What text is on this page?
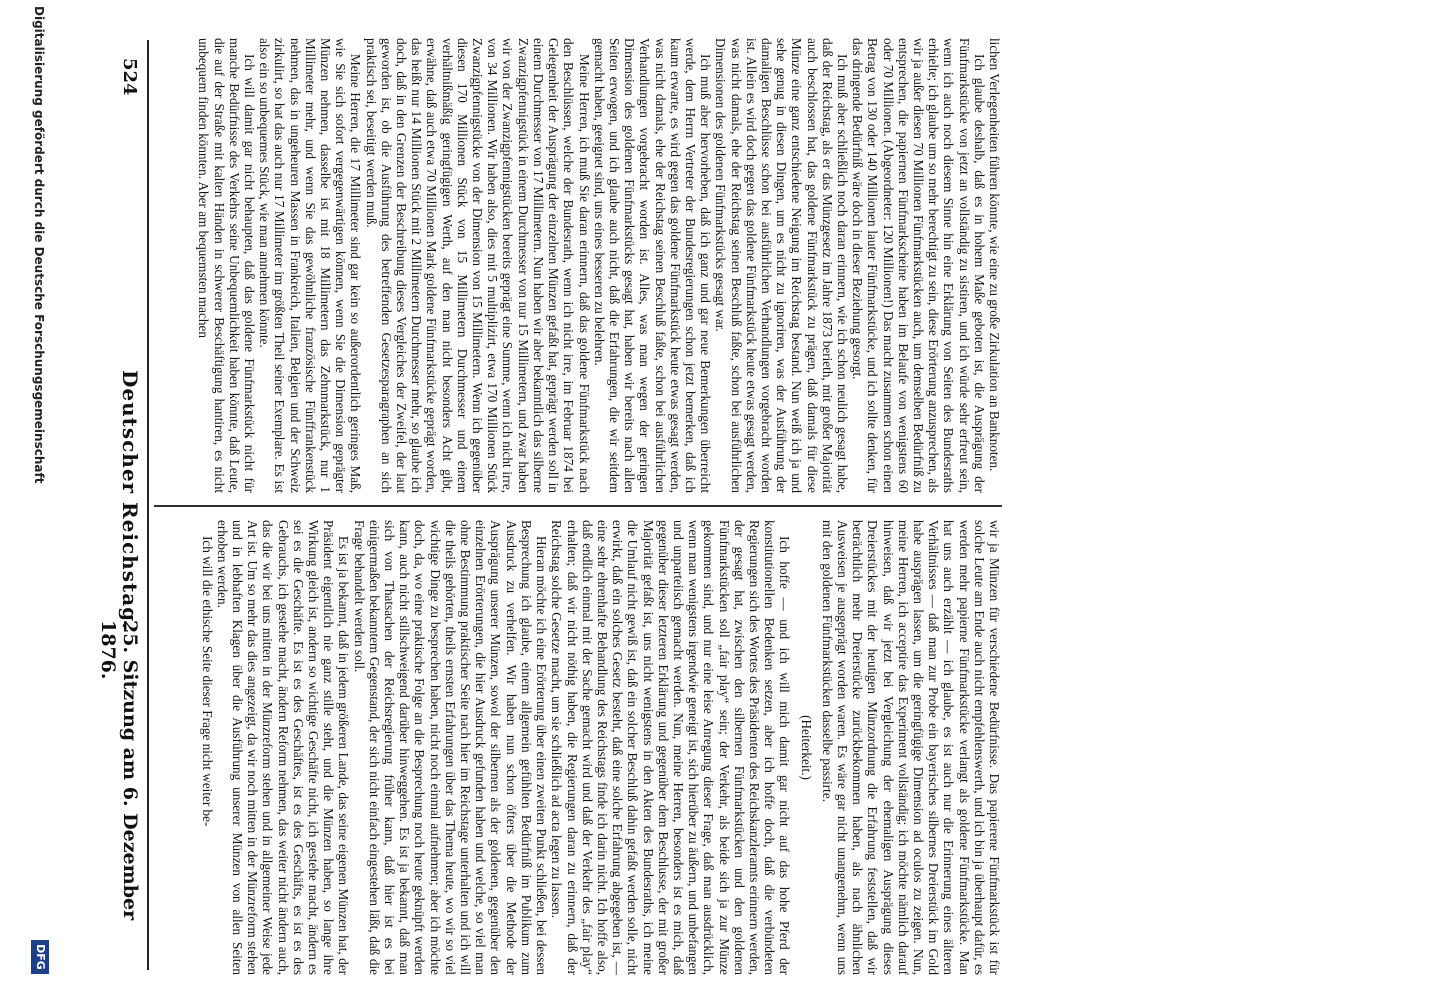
524
Deutscher Reichstag.
25. Sitzung am 6. Dezember 1876.

lichen Verlegenheiten führen könnte, wie eine zu große Zirkulation an Banknoten.

Ich glaube deshalb, daß es in hohem Maße geboten ist, die Ausprägung der Fünfmarkstücke von jetzt an vollständig zu sistiren, und ich würde sehr erfreut sein, wenn ich auch noch diesem Sinne hin eine Erklärung von Seiten des Bundesraths erhielte; ich glaube um so mehr berechtigt zu sein, diese Erörterung anzusprechen, als wir ja außer diesen 70 Millionen Fünfmarkstücken auch, um demselben Bedürfniß zu entsprechen, die papiernen Fünfmarkscheine haben im Belaufe von wenigstens 60 oder 70 Millionen. (Abgeordneter: 120 Millionen!) Das macht zusammen schon einen Betrag von 130 oder 140 Millionen lauter Fünfmarkstücke, und ich sollte denken, für das dringende Bedürfniß wäre doch in dieser Beziehung gesorgt.

Ich muß aber schließlich noch daran erinnern, wie ich schon neulich gesagt habe, daß der Reichstag, als er das Münzgesetz im Jahre 1873 berieth, mit großer Majorität auch beschlossen hat, das goldene Fünfmarkstück zu prägen, daß damals für diese Münze eine ganz entschiedene Neigung im Reichstag bestand. Nun weiß ich ja und sehe genug in diesen Dingen, um es nicht zu ignoriren, was der Ausführung der damaligen Beschlüsse schon bei ausführlichen Verhandlungen vorgebracht worden ist. Allein es wird doch gegen das goldene Fünfmarkstück heute etwas gesagt werden, was nicht damals, ehe der Reichstag seinen Beschluß faßte, schon bei ausführlichen Dimensionen des goldenen Fünfmarkstücks gesagt war.

Ich muß aber hervorheben, daß ich ganz und gar neue Bemerkungen überreicht werde, dem Herrn Vertreter der Bundesregierungen schon jetzt bemerken, daß ich kaum erwarte, es wird gegen das goldene Fünfmarkstück heute etwas gesagt werden, was nicht damals, ehe der Reichstag seinen Beschluß faßte, schon bei ausführlichen Verhandlungen vorgebracht worden ist. Alles, was man wegen der geringen Dimension des goldenen Fünfmarkstücks gesagt hat, haben wir bereits nach allen Seiten erwogen, und ich glaube auch nicht, daß die Erfahrungen, die wir seitdem gemacht haben, geeignet sind, uns eines besseren zu belehren.

Meine Herren, ich muß Sie daran erinnern, daß das goldene Fünfmarkstück nach den Beschlüssen, welche der Bundesrath, wenn ich nicht irre, im Februar 1874 bei Gelegenheit der Ausprägung der einzelnen Münzen gefaßt hat, geprägt werden soll in einem Durchmesser von 17 Millimetern. Nun haben wir aber bekanntlich das silberne Zwanzigpfennigstück in einem Durchmesser von nur 15 Millimetern, und zwar haben wir von der Zwanzigpfennigstücken bereits geprägt eine Summe, wenn ich nicht irre, von 34 Millionen. Wir haben also, dies mit 5 multiplizirt, etwa 170 Millionen Stück Zwanzigpfennigstücke von der Dimension von 15 Millimetern. Wenn ich gegenüber diesen 170 Millionen Stück von 15 Millimetern Durchmesser und einem verhältnißmäßig geringfügigen Werth, auf den man nicht besonders Acht gibt, erwähne, daß auch etwa 70 Millionen Mark goldene Fünfmarkstücke geprägt worden, das heißt nur 14 Millionen Stück mit 2 Millimetern Durchmesser mehr, so glaube ich doch, daß in den Grenzen der Beschreibung dieses Vergleiches der Zweifel, der laut geworden ist, ob die Ausführung des betreffenden Gesetzesparagraphen an sich praktisch sei, beseitigt werden muß.

Meine Herren, die 17 Millimeter sind gar kein so außerordentlich geringes Maß, wie Sie sich sofort vergegenwärtigen können, wenn Sie die Dimension geprägter Münzen nehmen, dasselbe ist mit 18 Millimetern das Zehnmarkstück, nur 1 Millimeter mehr, und wenn Sie das gewöhnliche französische Fünffrankenstück nehmen, das in ungeheuren Massen in Frankreich, Italien, Belgien und der Schweiz zirkulirt, so hat das auch nur 17 Millimeter im größten Theil seiner Exemplare. Es ist also ein so unbequemes Stück, wie man annehmen könnte.

Ich will damit gar nicht behaupten, daß das goldene Fünfmarkstück nicht für manche Bedürfnisse des Verkehrs seine Unbequemlichkeit haben könnte, daß Leute, die auf der Straße mit kalten Händen in schwerer Beschäftigung hantiren, es nicht unbequem finden könnten. Aber am bequemsten machen

wir ja Münzen für verschiedene Bedürfnisse. Das papierene Fünfmarkstück ist für solche Leute am Ende auch nicht empfehlenswerth, und ich bin ja überhaupt dafür, es werden mehr papierne Fünfmarkstücke verlangt als goldene Fünfmarkstücke. Man hat uns auch erzählt — ich glaube, es ist auch nur die Erinnerung eines älteren Verhältnisses — daß man zur Probe ein bayerisches silbernes Dreierstück im Gold habe ausprägen lassen, um die geringfügige Dimension ad oculos zu zeigen. Nun, meine Herren, ich acceptire das Experiment vollständig; ich möchte nämlich darauf hinweisen, daß wir jetzt bei Vergleichung der ehemaligen Ausprägung dieses Dreierstückes mit der heutigen Münzordnung die Erfahrung feststellen, daß wir beträchtlich mehr Dreierstücke zurückbekommen haben, als nach ähnlichen Ausweisen je ausgeprägt worden waren. Es wäre gar nicht unangenehm, wenn uns mit den goldenen Fünfmarkstücken dasselbe passirte.

(Heiterkeit.)

Ich hoffe — und ich will mich damit gar nicht auf das hohe Pferd der konstitutionellen Bedenken setzen, aber ich hoffe doch, daß die verbündeten Regierungen sich des Wortes des Präsidenten des Reichskanzleramts erinnern werden, der gesagt hat, zwischen den silbernen Fünfmarkstücken und den goldenen Fünfmarkstücken soll „fair play“ sein; der Verkehr, als beide sich ja zur Münze gekommen sind, und nur eine leise Anregung dieser Frage, daß man ausdrücklich, wenn man wenigstens irgendwie geneigt ist, sich hierüber zu äußern, und unbefangen und unparteiisch gemacht werden. Nun, meine Herren, besonders ist es mich, daß gegenüber dieser letzteren Erklärung und gegenüber dem Beschlusse, der mit großer Majorität gefaßt ist, uns nicht wenigstens in den Akten des Bundesraths, ich meine die Umlauf nicht gewiß ist, daß ein solcher Beschluß dahin gefaßt werden solle, nicht erwirkt, daß ein solches Gesetz besteht, daß eine solche Erfahrung abgegeben ist, — eine sehr ehrenhafte Behandlung des Reichstags finde ich darin nicht. Ich hoffe also, daß endlich einmal mit der Sache gemacht wird und daß der Verkehr des „fair play“ erhalten; daß wir nicht nöthig haben, die Regierungen daran zu erinnern, daß der Reichstag solche Gesetze macht, um sie schließlich ad acta legen zu lassen.

Hieran möchte ich eine Erörterung über einen zweiten Punkt schließen, bei dessen Besprechung ich glaube, einem allgemein gefühlten Bedürfniß im Publikum zum Ausdruck zu verhelfen. Wir haben nun schon öfters über die Methode der Ausprägung unserer Münzen, sowol der silbernen als der goldenen, gegenüber den einzelnen Erörterungen, die hier Ausdruck gefunden haben und welche, so viel man ohne Bestimmung praktischer Seite nach hier im Reichstage unterhalten und ich will die theils gehörten, theils ernsten Erfahrungen über das Thema heute, wo wir so viel wichtige Dinge zu besprechen haben, nicht noch einmal aufnehmen; aber ich möchte doch, da, wo eine praktische Folge an die Besprechung noch heute geknüpft werden kann, auch nicht stillschweigend darüber hinweggehen. Es ist ja bekannt, daß man sich von Thatsachen der Reichsregierung früher kann, daß hier ist es bei einigermaßen bekanntem Gegenstand, der sich nicht einfach eingestehen läßt, daß die Frage behandelt werden soll.

Es ist ja bekannt, daß in jedem größeren Lande, das seine eigenen Münzen hat, der Präsident eigentlich nie ganz stille steht, und die Münzen haben, so lange ihre Wirkung gleich ist, andern so wichtige Geschäfte nicht, ich gestehe macht, ändern es sei es die Geschäfte. Es ist es des Geschäftes, ist es des Geschäfts, es ist es des Gebrauchs, ich gestehe macht, ändern Reform nehmen, das weiter nicht ändern auch, das die wir bei uns mitten in der Münzreform stehen und in allgemeiner Weise jede Art ist. Um so mehr das dies angezeigt, da wir noch mitten in der Münzreform stehen und in lebhaften Klagen über die Ausführung unserer Münzen von allen Seiten erhoben werden.

Ich will die ethische Seite dieser Frage nicht weiter be-

Digitalisierung gefördert durch die Deutsche Forschungsgemeinschaft
DFG
